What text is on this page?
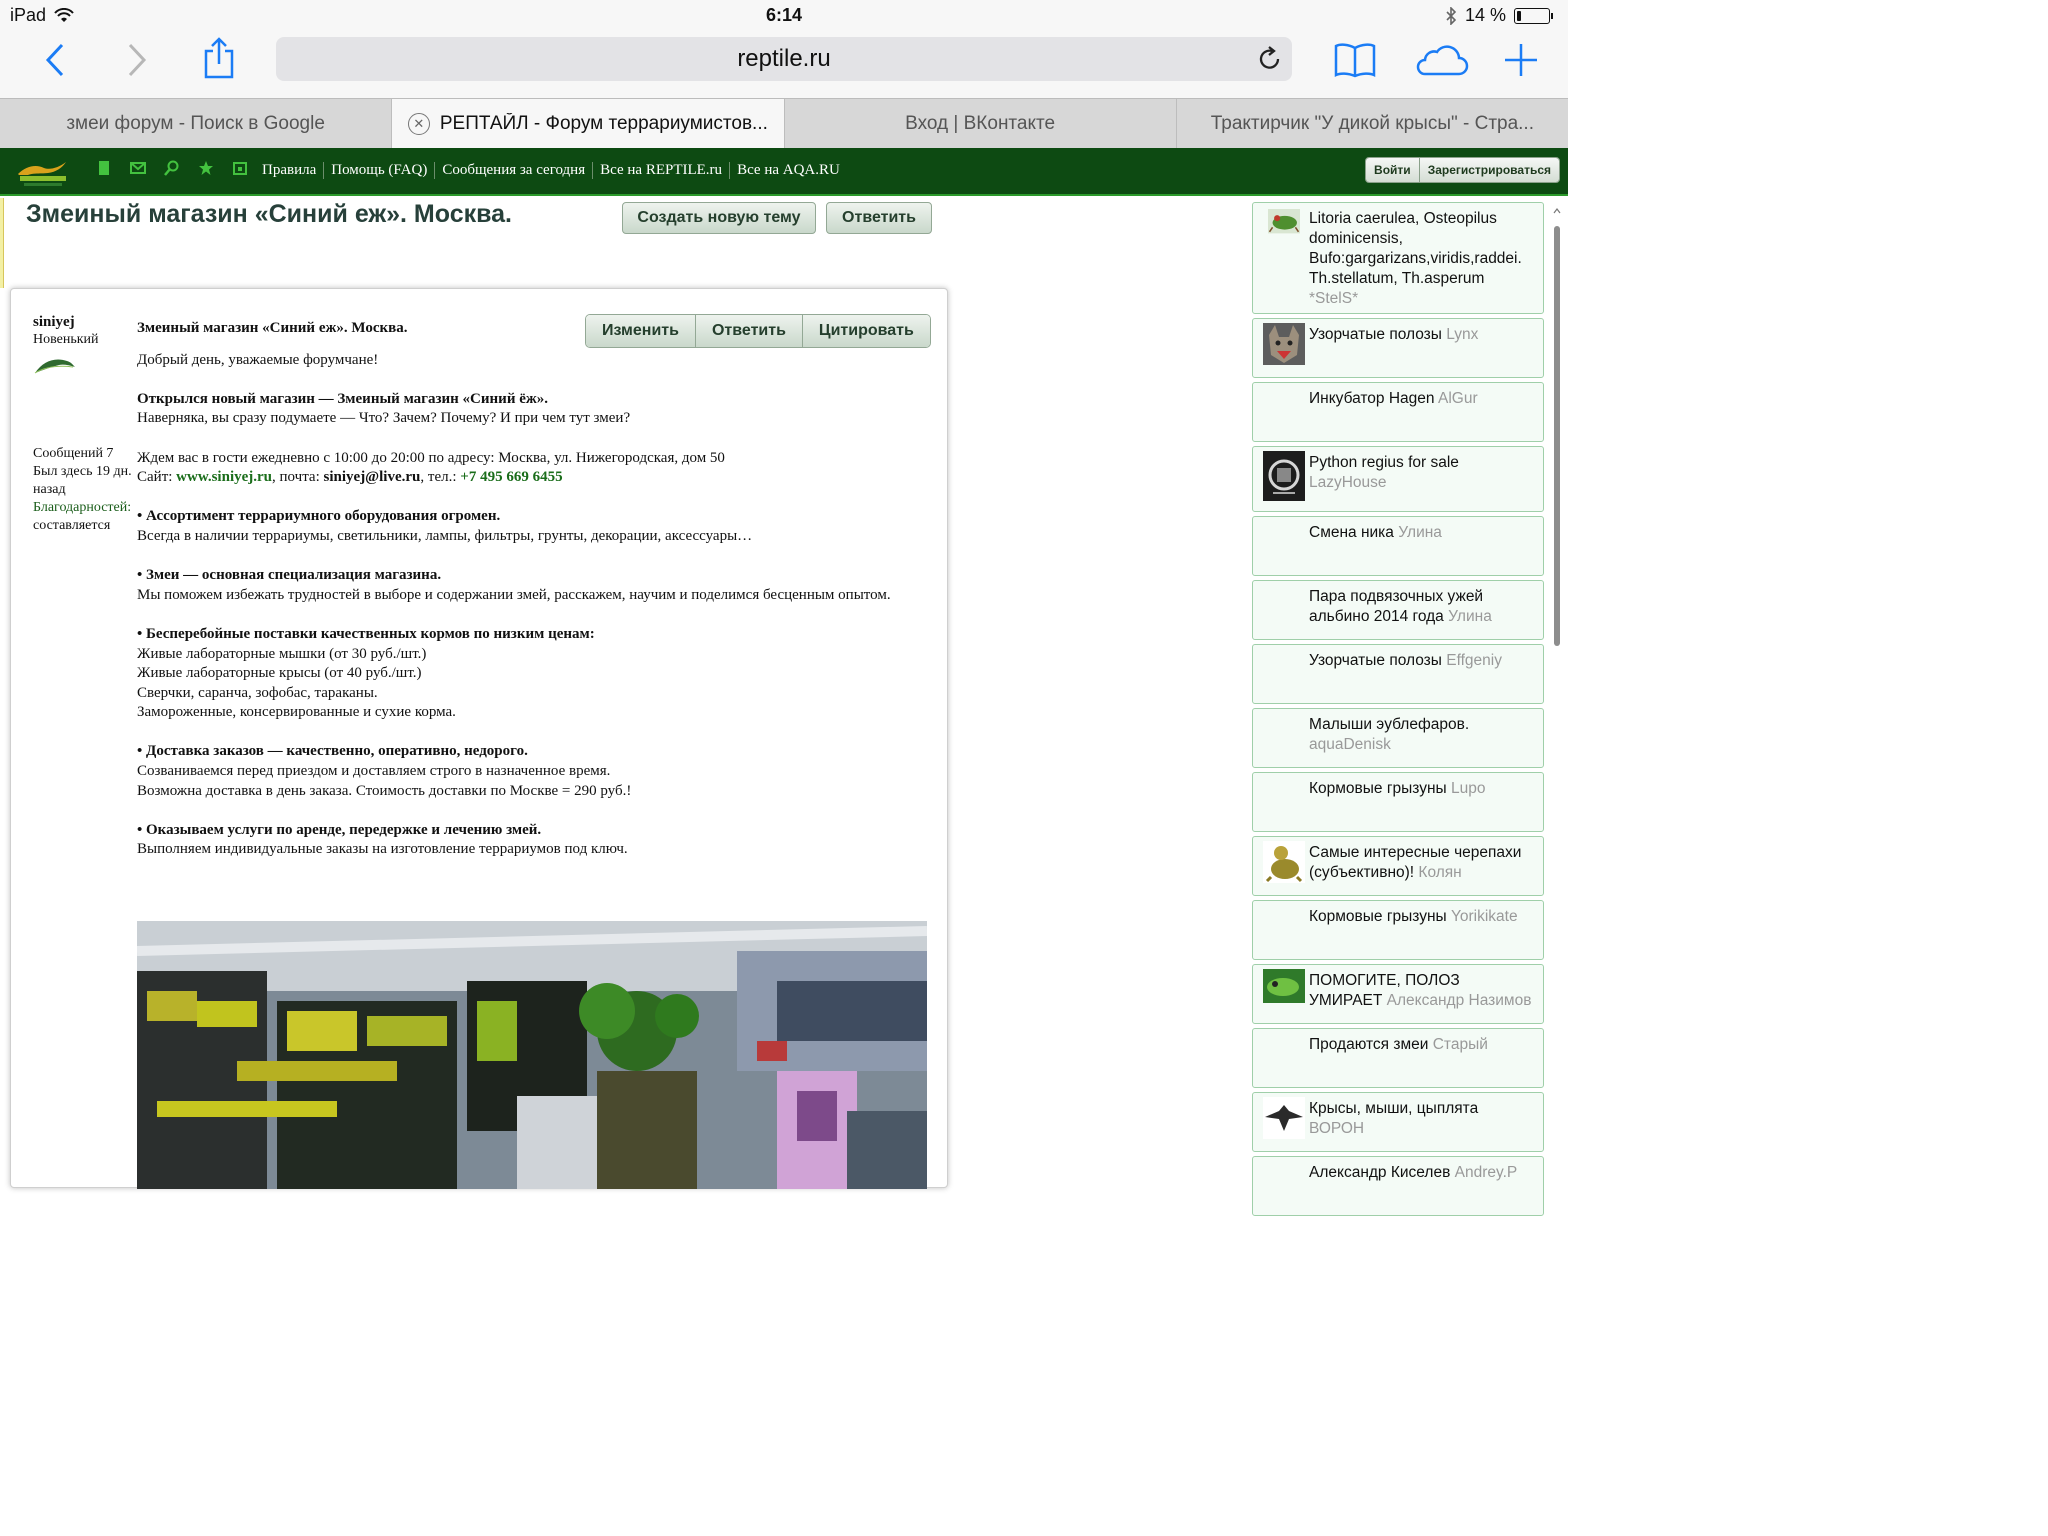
iPad	6:14	14 %
reptile.ru
змеи форум - Поиск в Google	✕ РЕПТАЙЛ - Форум террариумистов...	Вход | ВКонтакте	Трактирчик "У дикой крысы" - Стра...
Правила	Помощь (FAQ)	Сообщения за сегодня	Все на REPTILE.ru	Все на AQA.RU	Войти	Зарегистрироваться
Змеиный магазин «Синий еж». Москва.	Создать новую тему	Ответить
siniyej
Новенький
Сообщений 7
Был здесь 19 дн. назад
Благодарностей:
составляется
Изменить	Ответить	Цитировать
Змеиный магазин «Синий еж». Москва.
Добрый день, уважаемые форумчане!
Открылся новый магазин — Змеиный магазин «Синий ёж».
Наверняка, вы сразу подумаете — Что? Зачем? Почему? И при чем тут змеи?
Ждем вас в гости ежедневно с 10:00 до 20:00 по адресу: Москва, ул. Нижегородская, дом 50
Сайт: www.siniyej.ru, почта: siniyej@live.ru, тел.: +7 495 669 6455
• Ассортимент террариумного оборудования огромен.
Всегда в наличии террариумы, светильники, лампы, фильтры, грунты, декорации, аксессуары…
• Змеи — основная специализация магазина.
Мы поможем избежать трудностей в выборе и содержании змей, расскажем, научим и поделимся бесценным опытом.
• Бесперебойные поставки качественных кормов по низким ценам:
Живые лабораторные мышки (от 30 руб./шт.)
Живые лабораторные крысы (от 40 руб./шт.)
Сверчки, саранча, зофобас, тараканы.
Замороженные, консервированные и сухие корма.
• Доставка заказов — качественно, оперативно, недорого.
Созваниваемся перед приездом и доставляем строго в назначенное время.
Возможна доставка в день заказа. Стоимость доставки по Москве = 290 руб.!
• Оказываем услуги по аренде, передержке и лечению змей.
Выполняем индивидуальные заказы на изготовление террариумов под ключ.
Litoria caerulea, Osteopilus dominicensis, Bufo:gargarizans,viridis,raddei. Th.stellatum, Th.asperum *StelS*
Узорчатые полозы Lynx
Инкубатор Hagen AlGur
Python regius for sale
LazyHouse
Смена ника Улина
Пара подвязочных ужей альбино 2014 года Улина
Узорчатые полозы Effgeniy
Малыши эублефаров.
aquaDenisk
Кормовые грызуны Lupo
Самые интересные черепахи (субъективно)! Колян
Кормовые грызуны Yorikikate
ПОМОГИТЕ, ПОЛОЗ УМИРАЕТ Александр Назимов
Продаются змеи Старый
Крысы, мыши, цыплята
ВОРОН
Александр Киселев Andrey.P
